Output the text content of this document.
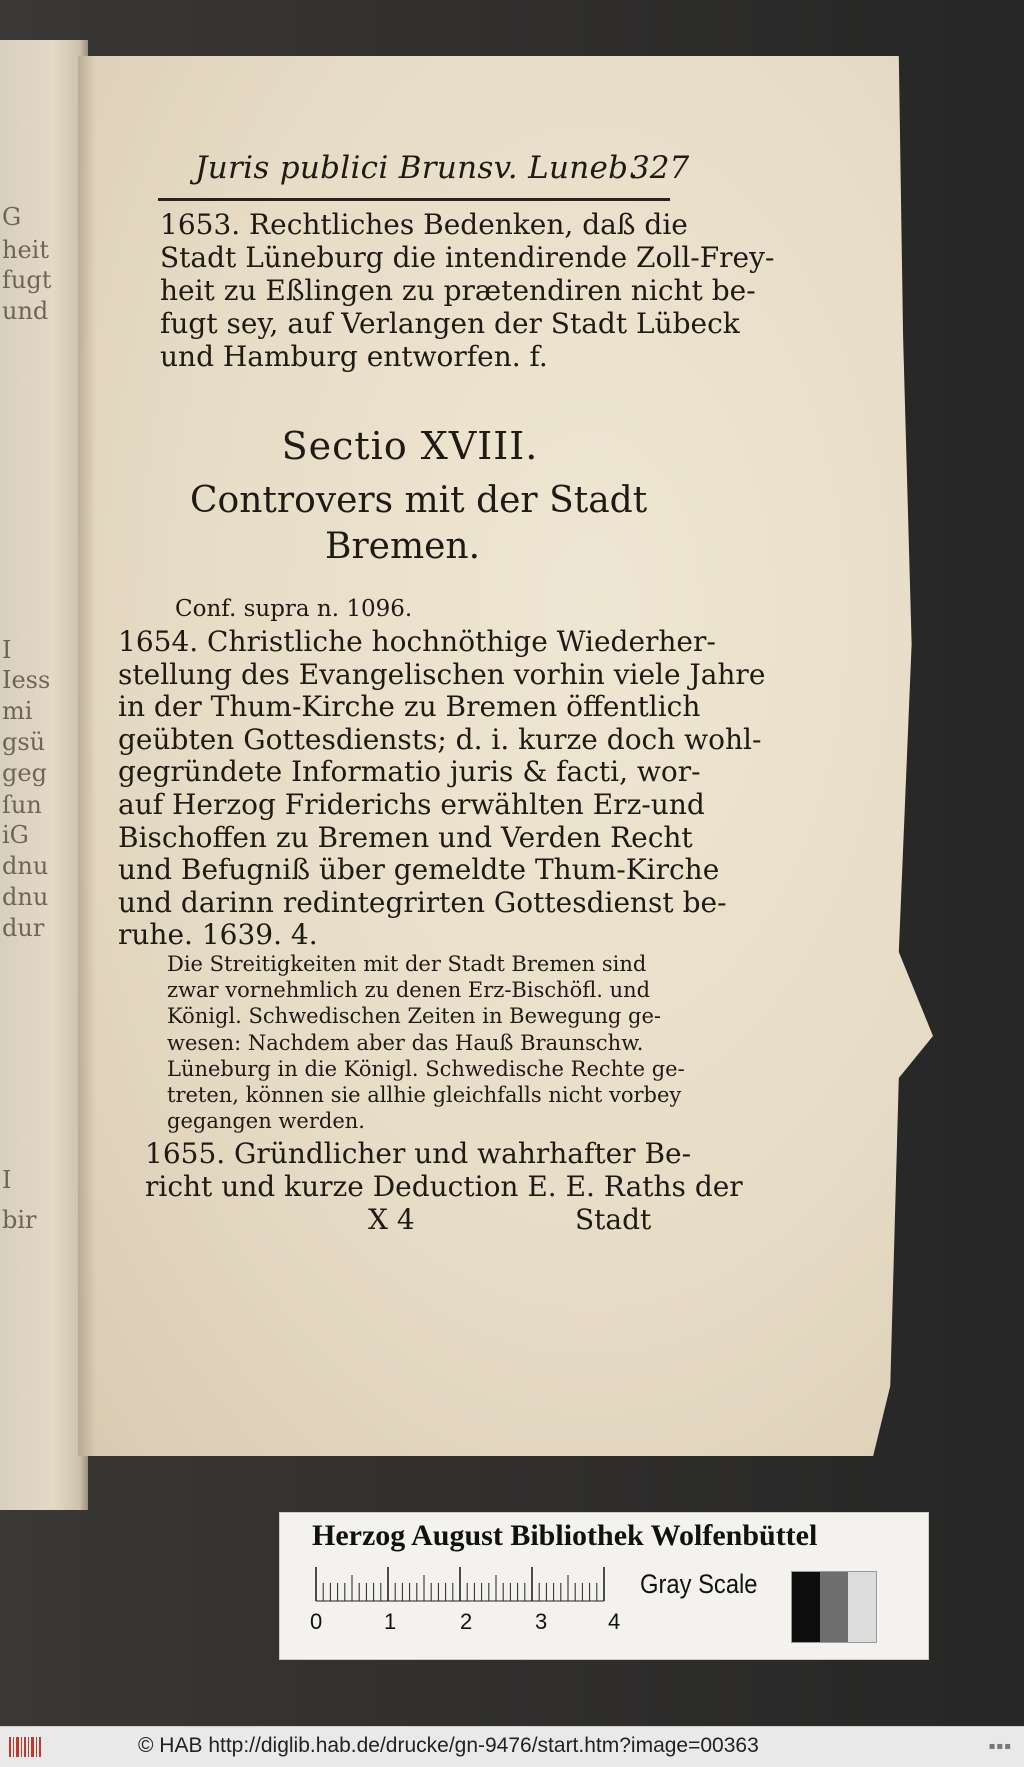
G
heit
fugt
und
I
Iess
mi
gsü
geg
ſun
iG
dnu
dnu
dur
I
bir
Juris publici Brunsv. Luneb.
327
1653. Rechtliches Bedenken, daß die
Stadt Lüneburg die intendirende Zoll-Frey-
heit zu Eßlingen zu prætendiren nicht be-
fugt sey, auf Verlangen der Stadt Lübeck
und Hamburg entworfen. f.
Sectio XVIII.
Controvers mit der Stadt
Bremen.
Conf. supra n. 1096.
1654. Christliche hochnöthige Wiederher-
stellung des Evangelischen vorhin viele Jahre
in der Thum-Kirche zu Bremen öffentlich
geübten Gottesdiensts; d. i. kurze doch wohl-
gegründete Informatio juris & facti, wor-
auf Herzog Friderichs erwählten Erz-und
Bischoffen zu Bremen und Verden Recht
und Befugniß über gemeldte Thum-Kirche
und darinn redintegrirten Gottesdienst be-
ruhe. 1639. 4.
Die Streitigkeiten mit der Stadt Bremen sind
zwar vornehmlich zu denen Erz-Bischöfl. und
Königl. Schwedischen Zeiten in Bewegung ge-
wesen: Nachdem aber das Hauß Braunschw.
Lüneburg in die Königl. Schwedische Rechte ge-
treten, können sie allhie gleichfalls nicht vorbey
gegangen werden.
1655. Gründlicher und wahrhafter Be-
richt und kurze Deduction E. E. Raths der
X 4	Stadt
Herzog August Bibliothek Wolfenbüttel
0	1	2	3	4
Gray Scale
© HAB http://diglib.hab.de/drucke/gn-9476/start.htm?image=00363	▪▪▪
